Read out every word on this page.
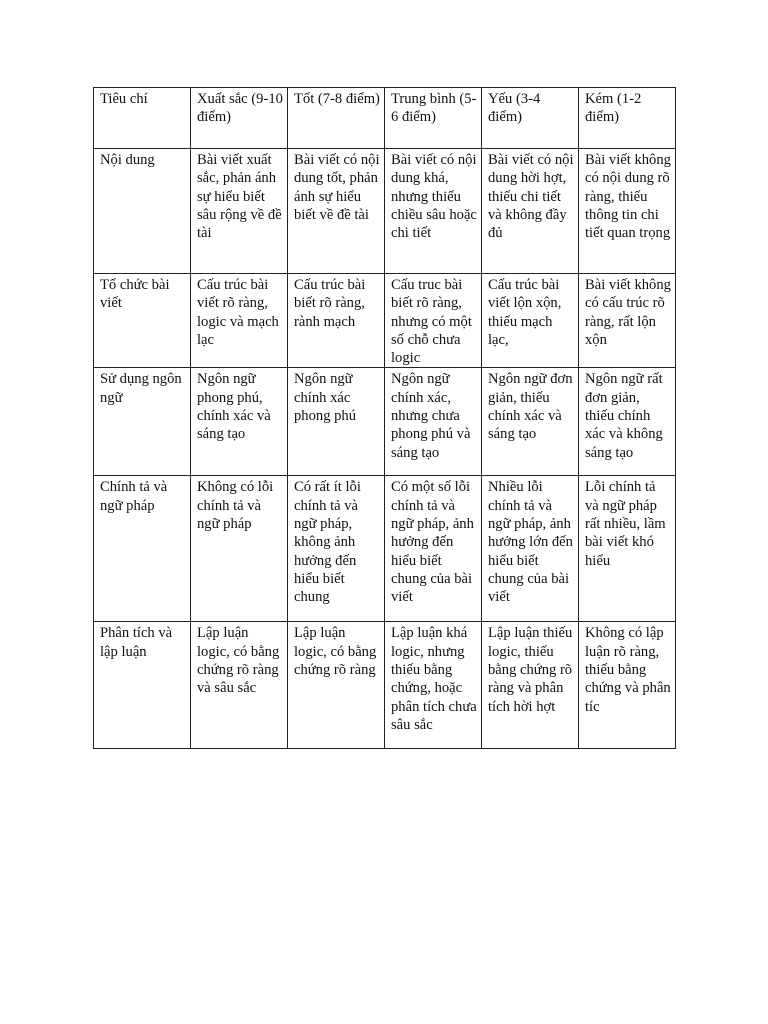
Tiêu chí	Xuất sắc (9-10 điểm)	Tốt (7-8 điểm)	Trung bình (5-6 điểm)	Yếu (3-4 điểm)	Kém (1-2 điểm)
Nội dung	Bài viết xuất sắc, phản ánh sự hiểu biết sâu rộng về đề tài	Bài viết có nội dung tốt, phản ánh sự hiểu biết về đề tài	Bài viết có nội dung khá, nhưng thiếu chiều sâu hoặc chi tiết	Bài viết có nội dung hời hợt, thiếu chi tiết và không đầy đủ	Bài viết không có nội dung rõ ràng, thiếu thông tin chi tiết quan trọng
Tổ chức bài viết	Cấu trúc bài viết rõ ràng, logic và mạch lạc	Cấu trúc bài biết rõ ràng, rành mạch	Cấu truc bài biết rõ ràng, nhưng có một số chỗ chưa logic	Cấu trúc bài viết lộn xộn, thiếu mạch lạc,	Bài viết không có cấu trúc rõ ràng, rất lộn xộn
Sử dụng ngôn ngữ	Ngôn ngữ phong phú, chính xác và sáng tạo	Ngôn ngữ chính xác phong phú	Ngôn ngữ chính xác, nhưng chưa phong phú và sáng tạo	Ngôn ngữ đơn giản, thiếu chính xác và sáng tạo	Ngôn ngữ rất đơn giản, thiếu chính xác và không sáng tạo
Chính tả và ngữ pháp	Không có lỗi chính tả và ngữ pháp	Có rất ít lỗi chính tả và ngữ pháp, không ảnh hưởng đến hiểu biết chung	Có một số lỗi chính tả và ngữ pháp, ảnh hưởng đến hiểu biết chung của bài viết	Nhiều lỗi chính tả và ngữ pháp, ảnh hưởng lớn đến hiểu biết chung của bài viết	Lỗi chính tả và ngữ pháp rất nhiều, lầm bài viết khó hiểu
Phân tích và lập luận	Lập luận logic, có bằng chứng rõ ràng và sâu sắc	Lập luận logic, có bằng chứng rõ ràng	Lập luận khá logic, nhưng thiếu bằng chứng, hoặc phân tích chưa sâu sắc	Lập luận thiếu logic, thiếu bằng chứng rõ ràng và phân tích hời hợt	Không có lập luận rõ ràng, thiếu bằng chứng và phân tíc
